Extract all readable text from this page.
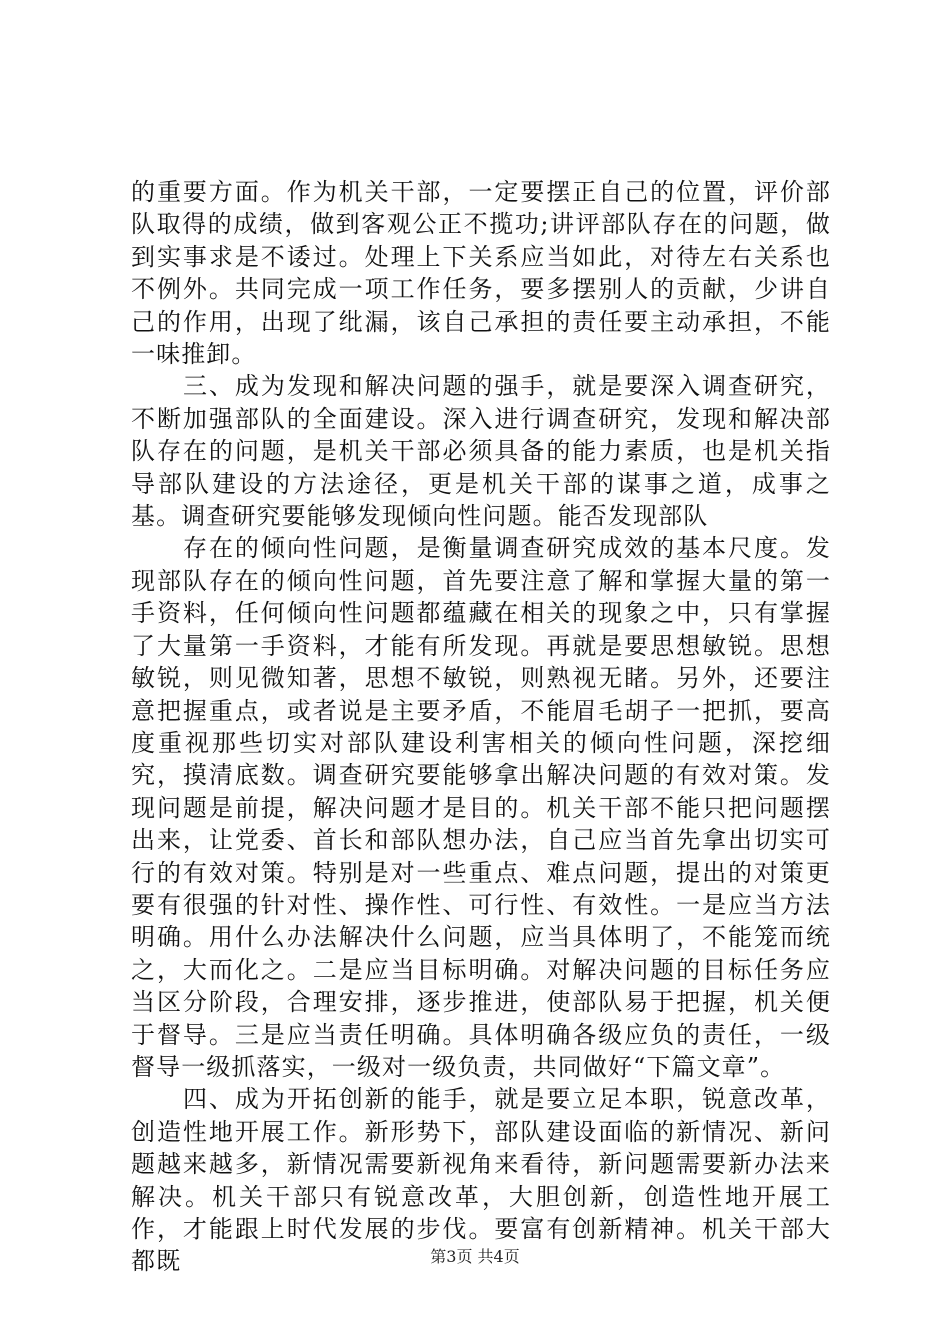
的重要方面。作为机关干部，一定要摆正自己的位置，评价部队取得的成绩，做到客观公正不揽功;讲评部队存在的问题，做到实事求是不诿过。处理上下关系应当如此，对待左右关系也不例外。共同完成一项工作任务，要多摆别人的贡献，少讲自己的作用，出现了纰漏，该自己承担的责任要主动承担，不能一味推卸。

三、成为发现和解决问题的强手，就是要深入调查研究，不断加强部队的全面建设。深入进行调查研究，发现和解决部队存在的问题，是机关干部必须具备的能力素质，也是机关指导部队建设的方法途径，更是机关干部的谋事之道，成事之基。调查研究要能够发现倾向性问题。能否发现部队

存在的倾向性问题，是衡量调查研究成效的基本尺度。发现部队存在的倾向性问题，首先要注意了解和掌握大量的第一手资料，任何倾向性问题都蕴藏在相关的现象之中，只有掌握了大量第一手资料，才能有所发现。再就是要思想敏锐。思想敏锐，则见微知著，思想不敏锐，则熟视无睹。另外，还要注意把握重点，或者说是主要矛盾，不能眉毛胡子一把抓，要高度重视那些切实对部队建设利害相关的倾向性问题，深挖细究，摸清底数。调查研究要能够拿出解决问题的有效对策。发现问题是前提，解决问题才是目的。机关干部不能只把问题摆出来，让党委、首长和部队想办法，自己应当首先拿出切实可行的有效对策。特别是对一些重点、难点问题，提出的对策更要有很强的针对性、操作性、可行性、有效性。一是应当方法明确。用什么办法解决什么问题，应当具体明了，不能笼而统之，大而化之。二是应当目标明确。对解决问题的目标任务应当区分阶段，合理安排，逐步推进，使部队易于把握，机关便于督导。三是应当责任明确。具体明确各级应负的责任，一级督导一级抓落实，一级对一级负责，共同做好“下篇文章”。

四、成为开拓创新的能手，就是要立足本职，锐意改革，创造性地开展工作。新形势下，部队建设面临的新情况、新问题越来越多，新情况需要新视角来看待，新问题需要新办法来解决。机关干部只有锐意改革，大胆创新，创造性地开展工作，才能跟上时代发展的步伐。要富有创新精神。机关干部大都既	第3页 共4页
